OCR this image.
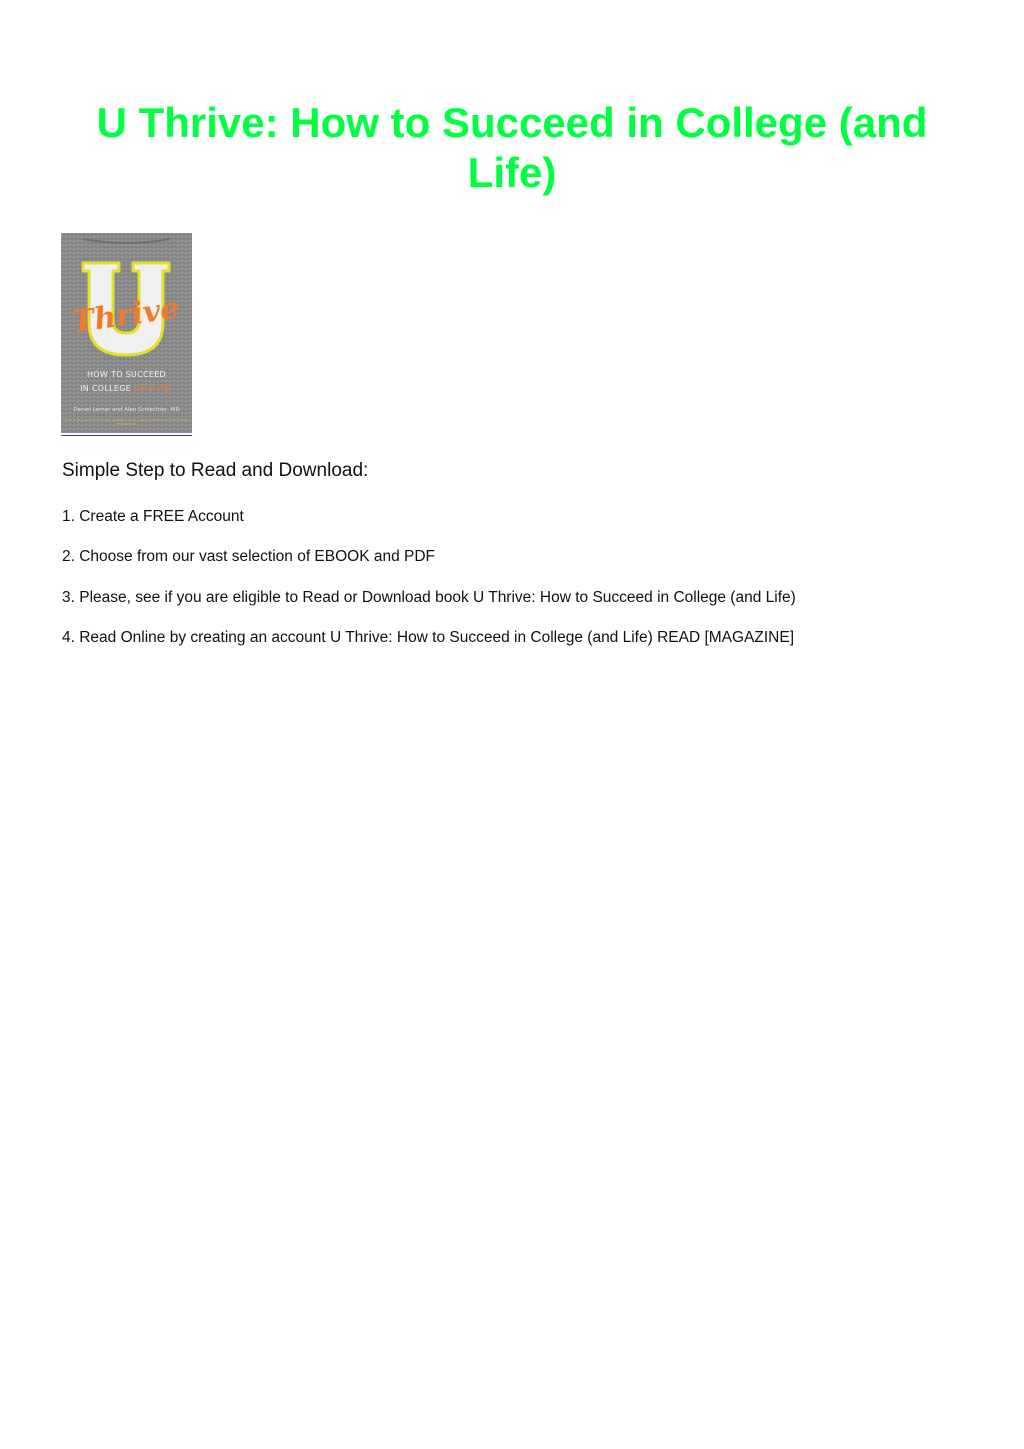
U Thrive: How to Succeed in College (and Life)
Thrive
HOW TO SUCCEED
IN COLLEGE (and life)
Daniel Lerner and Alan Schlechter, MD
Three of the university's most practical, fun & inspiring teachers on the science of happiness
Simple Step to Read and Download:

1. Create a FREE Account

2. Choose from our vast selection of EBOOK and PDF

3. Please, see if you are eligible to Read or Download book U Thrive: How to Succeed in College (and Life)

4. Read Online by creating an account U Thrive: How to Succeed in College (and Life) READ [MAGAZINE]
